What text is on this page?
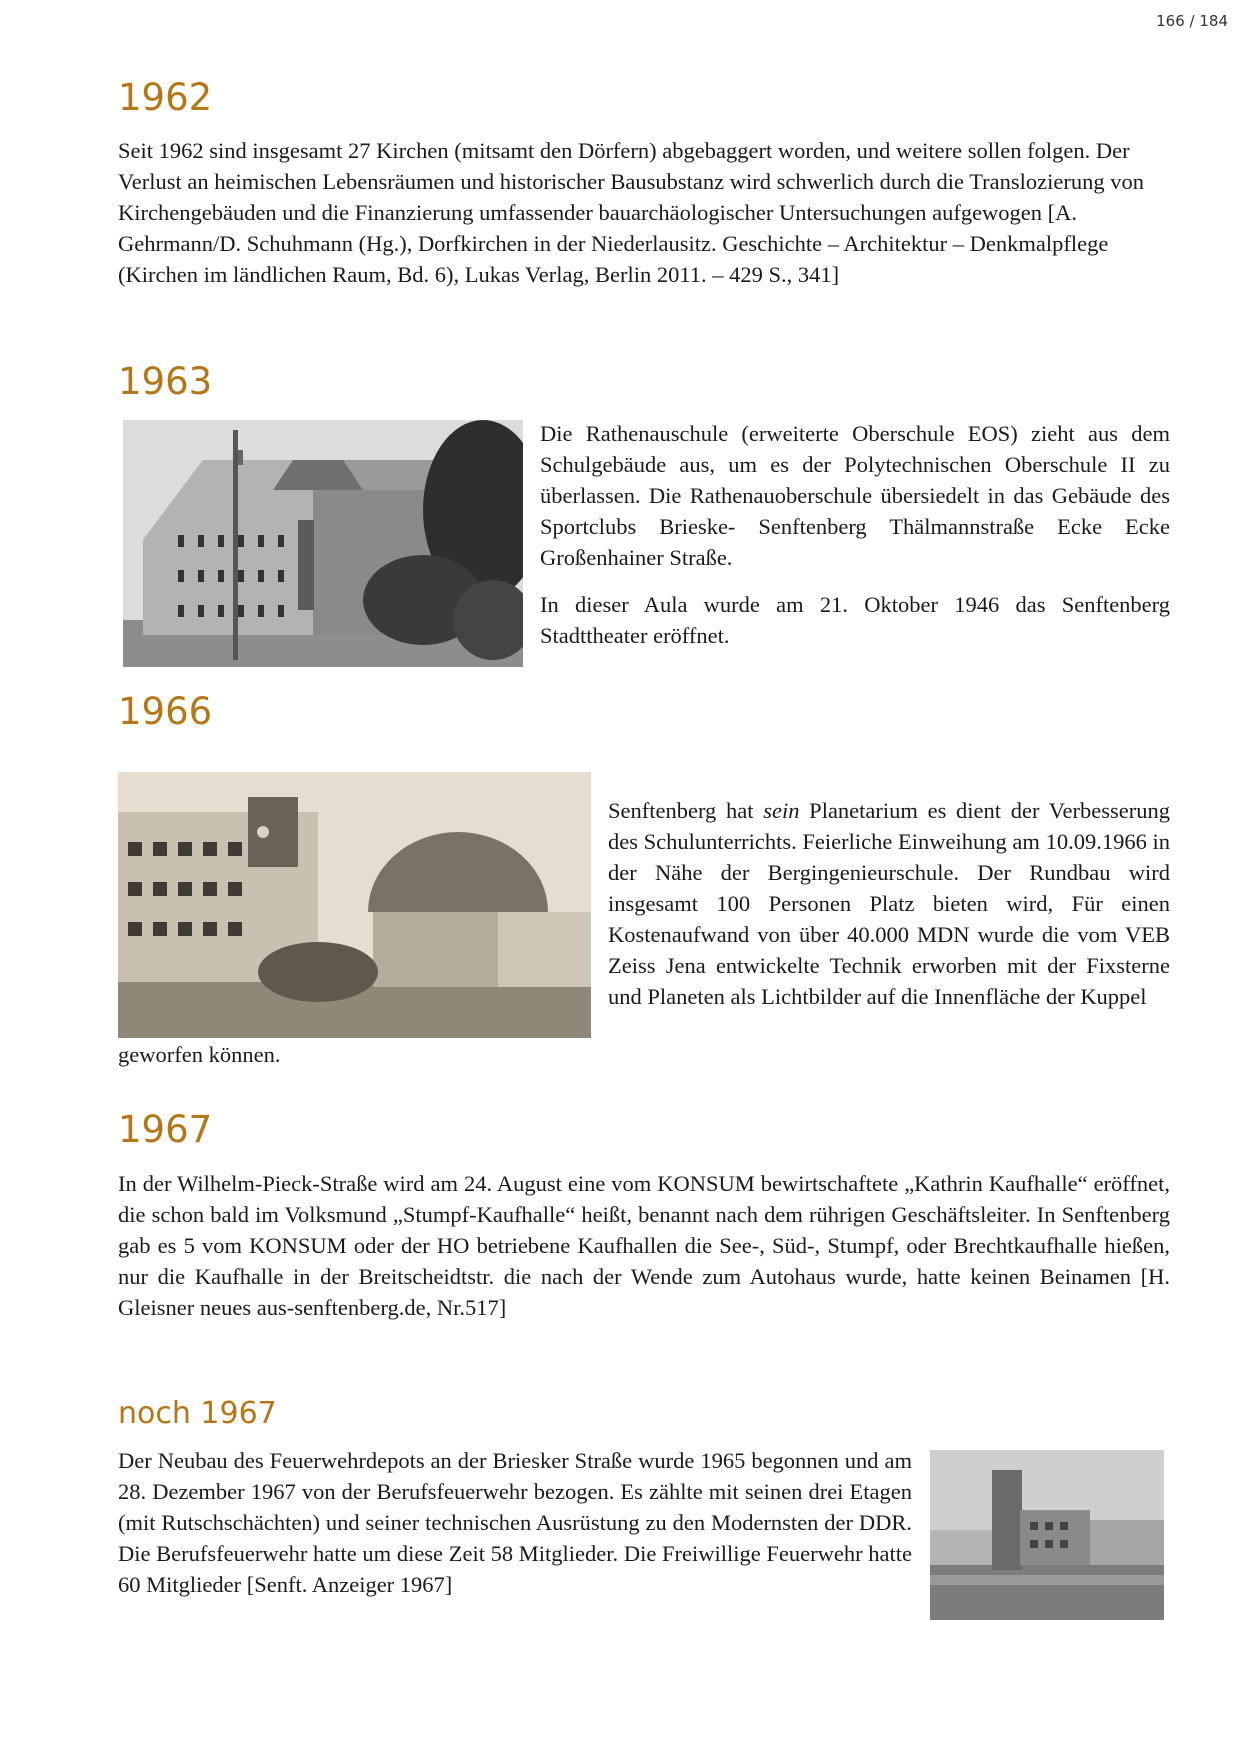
166 / 184
1962

Seit 1962 sind insgesamt 27 Kirchen (mitsamt den Dörfern) abgebaggert worden, und weitere sollen folgen. Der Verlust an heimischen Lebensräumen und historischer Bausubstanz wird schwerlich durch die Translozierung von Kirchengebäuden und die Finanzierung umfassender bauarchäologischer Untersuchungen aufgewogen [A. Gehrmann/D. Schuhmann (Hg.), Dorfkirchen in der Niederlausitz. Geschichte – Architektur – Denkmalpflege (Kirchen im ländlichen Raum, Bd. 6), Lukas Verlag, Berlin 2011. – 429 S., 341]

1963

Die Rathenauschule (erweiterte Oberschule EOS) zieht aus dem Schulgebäude aus, um es der Polytechnischen Oberschule II zu überlassen. Die Rathenauoberschule übersiedelt in das Gebäude des Sportclubs Brieske- Senftenberg Thälmannstraße Ecke Ecke Großenhainer Straße.

In dieser Aula wurde am 21. Oktober 1946 das Senftenberg Stadttheater eröffnet.

1966

Senftenberg hat sein Planetarium es dient der Verbesserung des Schulunterrichts. Feierliche Einweihung am 10.09.1966 in der Nähe der Bergingenieurschule. Der Rundbau wird insgesamt 100 Personen Platz bieten wird, Für einen Kostenaufwand von über 40.000 MDN wurde die vom VEB Zeiss Jena entwickelte Technik erworben mit der Fixsterne und Planeten als Lichtbilder auf die Innenfläche der Kuppel

geworfen können.

1967

In der Wilhelm-Pieck-Straße wird am 24. August eine vom KONSUM bewirtschaftete „Kathrin Kaufhalle“ eröffnet, die schon bald im Volksmund „Stumpf-Kaufhalle“ heißt, benannt nach dem rührigen Geschäftsleiter. In Senftenberg gab es 5 vom KONSUM oder der HO betriebene Kaufhallen die See-, Süd-, Stumpf, oder Brechtkaufhalle hießen, nur die Kaufhalle in der Breitscheidtstr. die nach der Wende zum Autohaus wurde, hatte keinen Beinamen [H. Gleisner neues aus-senftenberg.de, Nr.517]

noch 1967

Der Neubau des Feuerwehrdepots an der Briesker Straße wurde 1965 begonnen und am 28. Dezember 1967 von der Berufsfeuerwehr bezogen. Es zählte mit seinen drei Etagen (mit Rutschschächten) und seiner technischen Ausrüstung zu den Modernsten der DDR. Die Berufsfeuerwehr hatte um diese Zeit 58 Mitglieder. Die Freiwillige Feuerwehr hatte 60 Mitglieder [Senft. Anzeiger 1967]
